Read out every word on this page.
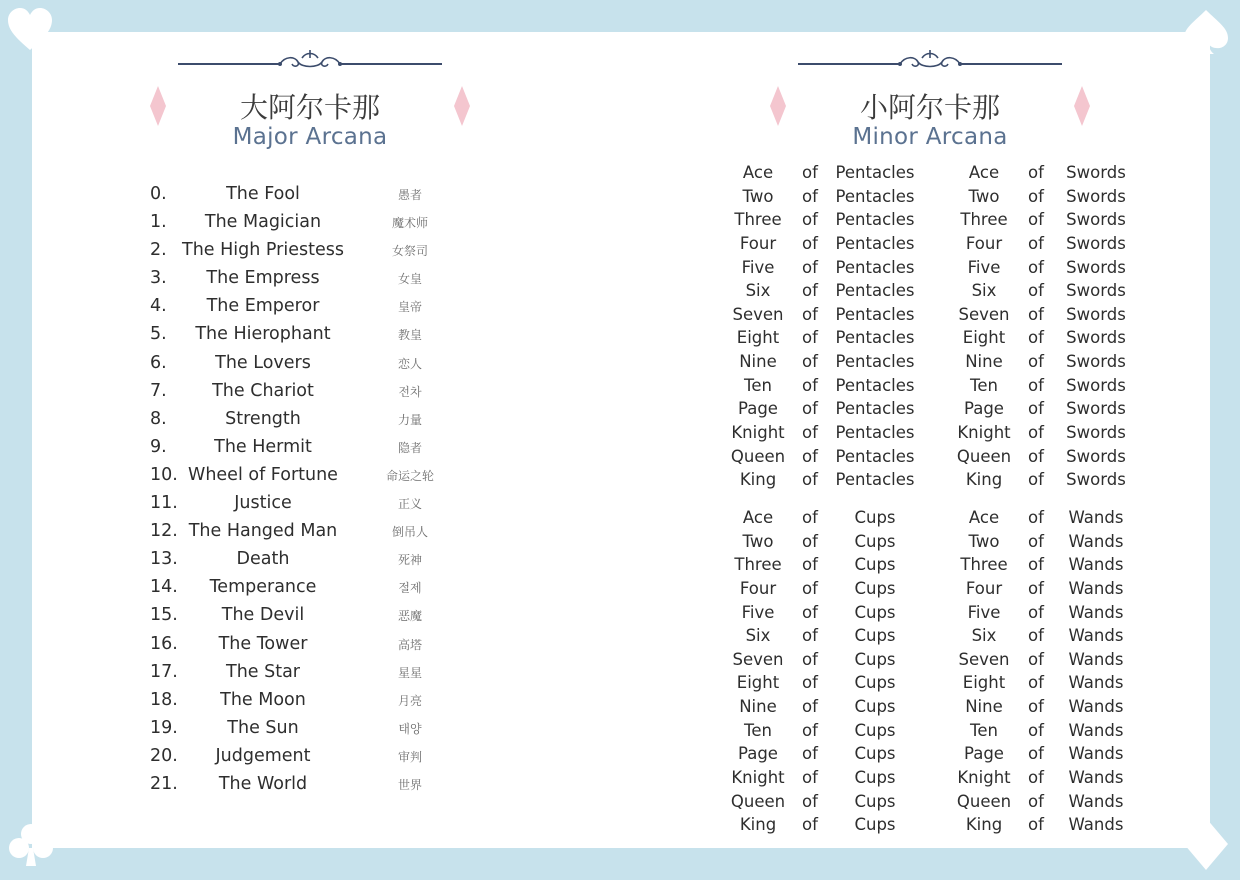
大阿尔卡那
Major Arcana
小阿尔卡那
Minor Arcana
0.	The Fool	愚者
1.	The Magician	魔术师
2. The High Priestess	女祭司
3.	The Empress	女皇
4.	The Emperor	皇帝
5.	The Hierophant	教皇
6.	The Lovers	恋人
7.	The Chariot	전차
8.	Strength	力量
9.	The Hermit	隐者
10. Wheel of Fortune	命运之轮
11.	Justice	正义
12. The Hanged Man	倒吊人
13.	Death	死神
14.	Temperance	절제
15.	The Devil	恶魔
16.	The Tower	高塔
17.	The Star	星星
18.	The Moon	月亮
19.	The Sun	태양
20.	Judgement	审判
21.	The World	世界
Ace	of	Pentacles	Ace	of	Swords
Two	of	Pentacles	Two	of	Swords
Three	of	Pentacles	Three	of	Swords
Four	of	Pentacles	Four	of	Swords
Five	of	Pentacles	Five	of	Swords
Six	of	Pentacles	Six	of	Swords
Seven	of	Pentacles	Seven	of	Swords
Eight	of	Pentacles	Eight	of	Swords
Nine	of	Pentacles	Nine	of	Swords
Ten	of	Pentacles	Ten	of	Swords
Page	of	Pentacles	Page	of	Swords
Knight	of	Pentacles	Knight	of	Swords
Queen	of	Pentacles	Queen	of	Swords
King	of	Pentacles	King	of	Swords
Ace	of	Cups	Ace	of	Wands
Two	of	Cups	Two	of	Wands
Three	of	Cups	Three	of	Wands
Four	of	Cups	Four	of	Wands
Five	of	Cups	Five	of	Wands
Six	of	Cups	Six	of	Wands
Seven	of	Cups	Seven	of	Wands
Eight	of	Cups	Eight	of	Wands
Nine	of	Cups	Nine	of	Wands
Ten	of	Cups	Ten	of	Wands
Page	of	Cups	Page	of	Wands
Knight	of	Cups	Knight	of	Wands
Queen	of	Cups	Queen	of	Wands
King	of	Cups	King	of	Wands
